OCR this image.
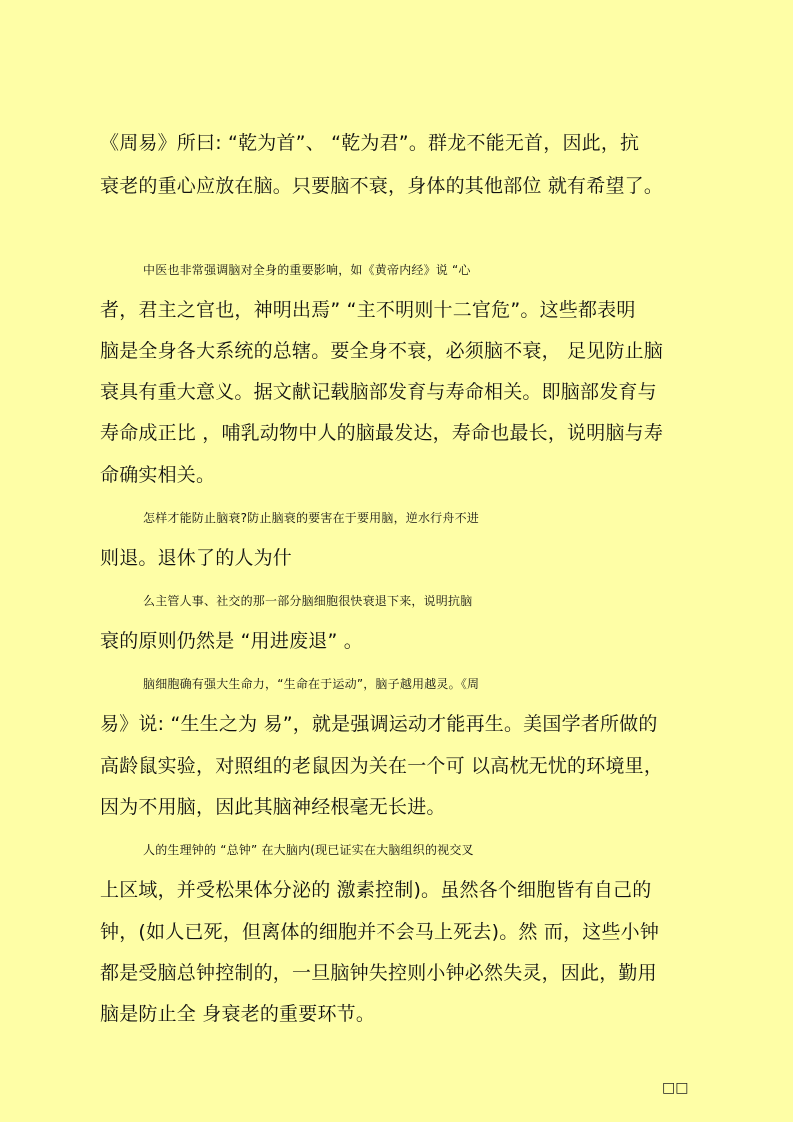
《周易》所曰: “乾为首”、 “乾为君”。群龙不能无首，因此，抗
衰老的重心应放在脑。只要脑不衰，身体的其他部位 就有希望了。
中医也非常强调脑对全身的重要影响，如《黄帝内经》说 “心
者，君主之官也，神明出焉” “主不明则十二官危”。这些都表明
脑是全身各大系统的总辖。要全身不衰，必须脑不衰， 足见防止脑
衰具有重大意义。据文献记载脑部发育与寿命相关。即脑部发育与
寿命成正比 ，哺乳动物中人的脑最发达，寿命也最长，说明脑与寿
命确实相关。
怎样才能防止脑衰?防止脑衰的要害在于要用脑，逆水行舟不进
则退。退休了的人为什
么主管人事、社交的那一部分脑细胞很快衰退下来，说明抗脑
衰的原则仍然是 “用进废退” 。
脑细胞确有强大生命力，“生命在于运动”，脑子越用越灵。《周
易》说: “生生之为 易”，就是强调运动才能再生。美国学者所做的
高龄鼠实验，对照组的老鼠因为关在一个可 以高枕无忧的环境里，
因为不用脑，因此其脑神经根毫无长进。
人的生理钟的 “总钟” 在大脑内(现已证实在大脑组织的视交叉
上区域，并受松果体分泌的 激素控制)。虽然各个细胞皆有自己的
钟，(如人已死，但离体的细胞并不会马上死去)。然 而，这些小钟
都是受脑总钟控制的，一旦脑钟失控则小钟必然失灵，因此，勤用
脑是防止全 身衰老的重要环节。
□□
